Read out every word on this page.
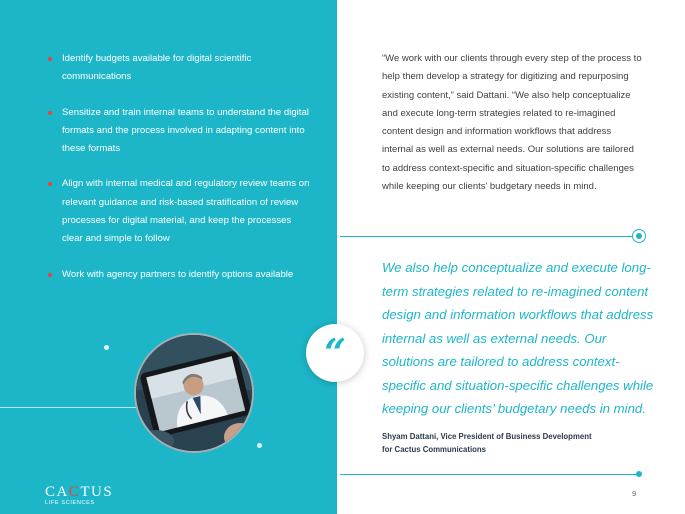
Identify budgets available for digital scientific communications
Sensitize and train internal teams to understand the digital formats and the process involved in adapting content into these formats
Align with internal medical and regulatory review teams on relevant guidance and risk-based stratification of review processes for digital material, and keep the processes clear and simple to follow
Work with agency partners to identify options available
CACTUS
LIFE SCIENCES

“We work with our clients through every step of the process to help them develop a strategy for digitizing and repurposing existing content,” said Dattani. “We also help conceptualize and execute long-term strategies related to re-imagined content design and information workflows that address internal as well as external needs. Our solutions are tailored to address context-specific and situation-specific challenges while keeping our clients’ budgetary needs in mind.

“

We also help conceptualize and execute long-term strategies related to re-imagined content design and information workflows that address internal as well as external needs. Our solutions are tailored to address context-specific and situation-specific challenges while keeping our clients’ budgetary needs in mind.

Shyam Dattani, Vice President of Business Development
for Cactus Communications
9
